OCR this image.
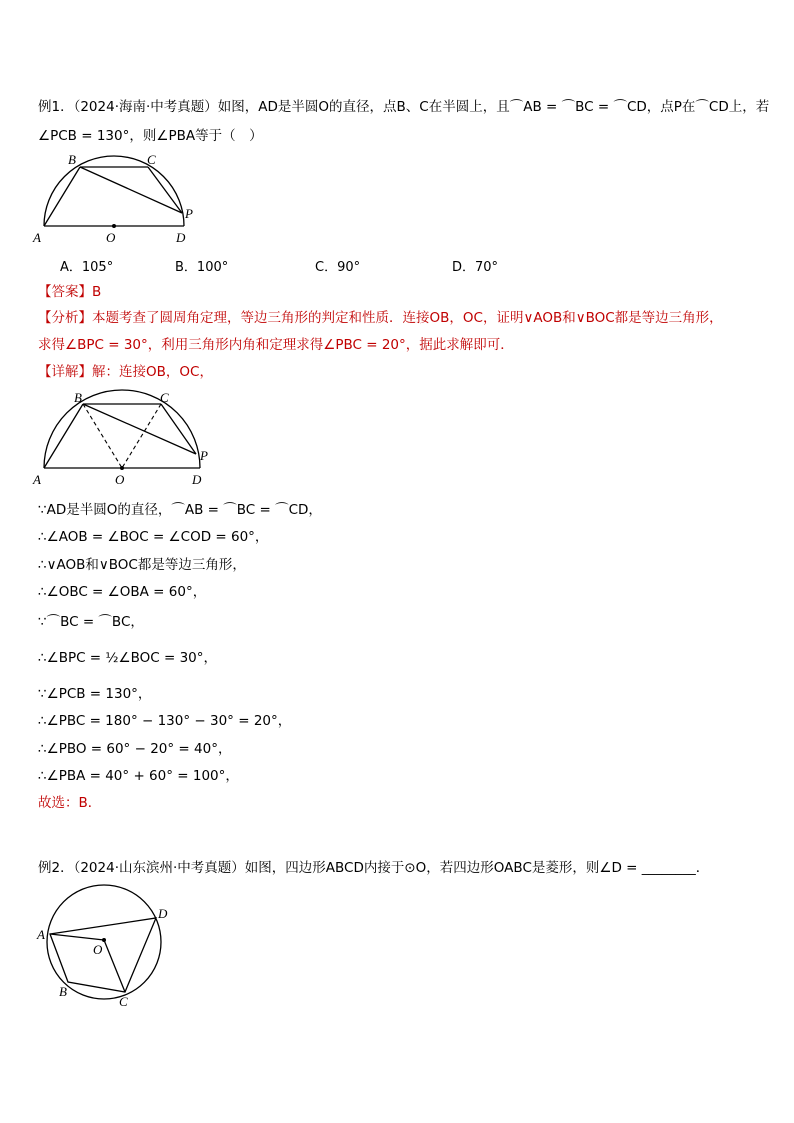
例1．（2024·海南·中考真题）如图，AD是半圆O的直径，点B、C在半圆上，且⌒AB = ⌒BC = ⌒CD，点P在⌒CD上，若
∠PCB = 130°，则∠PBA等于（　）
A
B	C
O	D
P
A．105°	B．100°	C．90°	D．70°
【答案】B
【分析】本题考查了圆周角定理，等边三角形的判定和性质．连接OB，OC，证明∨AOB和∨BOC都是等边三角形，
求得∠BPC = 30°，利用三角形内角和定理求得∠PBC = 20°，据此求解即可．
【详解】解：连接OB，OC，
A
B	C
O	D
P
∵AD是半圆O的直径，⌒AB = ⌒BC = ⌒CD，
∴∠AOB = ∠BOC = ∠COD = 60°，
∴∨AOB和∨BOC都是等边三角形，
∴∠OBC = ∠OBA = 60°，
∵⌒BC = ⌒BC，
∴∠BPC = ½∠BOC = 30°，
∵∠PCB = 130°，
∴∠PBC = 180° − 130° − 30° = 20°，
∴∠PBO = 60° − 20° = 40°，
∴∠PBA = 40° + 60° = 100°，
故选：B．
例2．（2024·山东滨州·中考真题）如图，四边形ABCD内接于⊙O，若四边形OABC是菱形，则∠D = ________．
A
B
C
O
D
